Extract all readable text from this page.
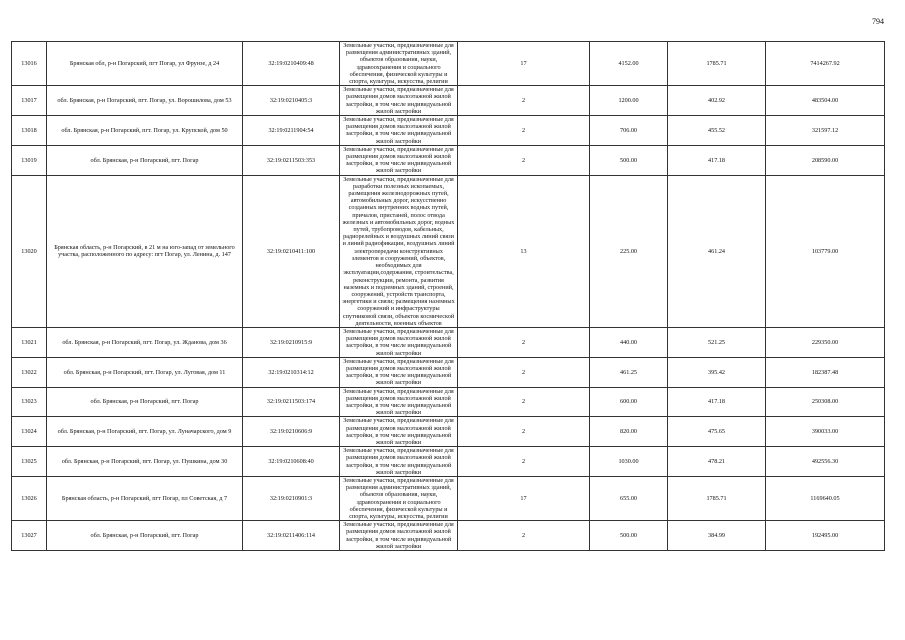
794
13016	Брянская обл, р-н Погарский, пгт Погар, ул Фрунзе, д 24	32:19:0210409:48	Земельные участки, предназначенные для размещения административных зданий, объектов образования, науки, здравоохранения и социального обеспечения, физической культуры и спорта, культуры, искусства, религии	17	4152.00	1785.71	7414267.92
13017	обл. Брянская, р-н Погарский, пгт. Погар, ул. Ворошилова, дом 53	32:19:0210405:3	Земельные участки, предназначенные для размещения домов малоэтажной жилой застройки, в том числе индивидуальной жилой застройки	2	1200.00	402.92	483504.00
13018	обл. Брянская, р-н Погарский, пгт. Погар, ул. Крупской, дом 50	32:19:0211904:54	Земельные участки, предназначенные для размещения домов малоэтажной жилой застройки, в том числе индивидуальной жилой застройки	2	706.00	455.52	321597.12
13019	обл. Брянская, р-н Погарский, пгт. Погар	32:19:0211503:353	Земельные участки, предназначенные для размещения домов малоэтажной жилой застройки, в том числе индивидуальной жилой застройки	2	500.00	417.18	208590.00
13020	Брянская область, р-н Погарский, в 21 м на юго-запад от земельного участка, расположенного по адресу: пгт Погар, ул. Ленина, д. 147	32:19:0210411:100	Земельные участки, предназначенные для разработки полезных ископаемых, размещения железнодорожных путей, автомобильных дорог, искусственно созданных внутренних водных путей, причалов, пристаней, полос отвода железных и автомобильных дорог, водных путей, трубопроводов, кабельных, радиорелейных и воздушных линий связи и линий радиофикации, воздушных линий электропередачи конструктивных элементов и сооружений, объектов, необходимых для эксплуатации,содержания, строительства, реконструкции, ремонта, развития наземных и подземных зданий, строений, сооружений, устройств транспорта, энергетики и связи; размещения наземных сооружений и инфраструктуры спутниковой связи, объектов космической деятельности, военных объектов	13	225.00	461.24	103779.00
13021	обл. Брянская, р-н Погарский, пгт. Погар, ул. Жданова, дом 36	32:19:0210915:9	Земельные участки, предназначенные для размещения домов малоэтажной жилой застройки, в том числе индивидуальной жилой застройки	2	440.00	521.25	229350.00
13022	обл. Брянская, р-н Погарский, пгт. Погар, ул. Луговая, дом 11	32:19:0210314:12	Земельные участки, предназначенные для размещения домов малоэтажной жилой застройки, в том числе индивидуальной жилой застройки	2	461.25	395.42	182387.48
13023	обл. Брянская, р-н Погарский, пгт. Погар	32:19:0211503:174	Земельные участки, предназначенные для размещения домов малоэтажной жилой застройки, в том числе индивидуальной жилой застройки	2	600.00	417.18	250308.00
13024	обл. Брянская, р-н Погарский, пгт. Погар, ул. Луначарского, дом 9	32:19:0210606:9	Земельные участки, предназначенные для размещения домов малоэтажной жилой застройки, в том числе индивидуальной жилой застройки	2	820.00	475.65	390033.00
13025	обл. Брянская, р-н Погарский, пгт. Погар, ул. Пушкина, дом 30	32:19:0210608:40	Земельные участки, предназначенные для размещения домов малоэтажной жилой застройки, в том числе индивидуальной жилой застройки	2	1030.00	478.21	492556.30
13026	Брянская область, р-н Погарский, пгт Погар, пл Советская, д 7	32:19:0210901:3	Земельные участки, предназначенные для размещения административных зданий, объектов образования, науки, здравоохранения и социального обеспечения, физической культуры и спорта, культуры, искусства, религии	17	655.00	1785.71	1169640.05
13027	обл. Брянская, р-н Погарский, пгт. Погар	32:19:0211406:114	Земельные участки, предназначенные для размещения домов малоэтажной жилой застройки, в том числе индивидуальной жилой застройки	2	500.00	384.99	192495.00
